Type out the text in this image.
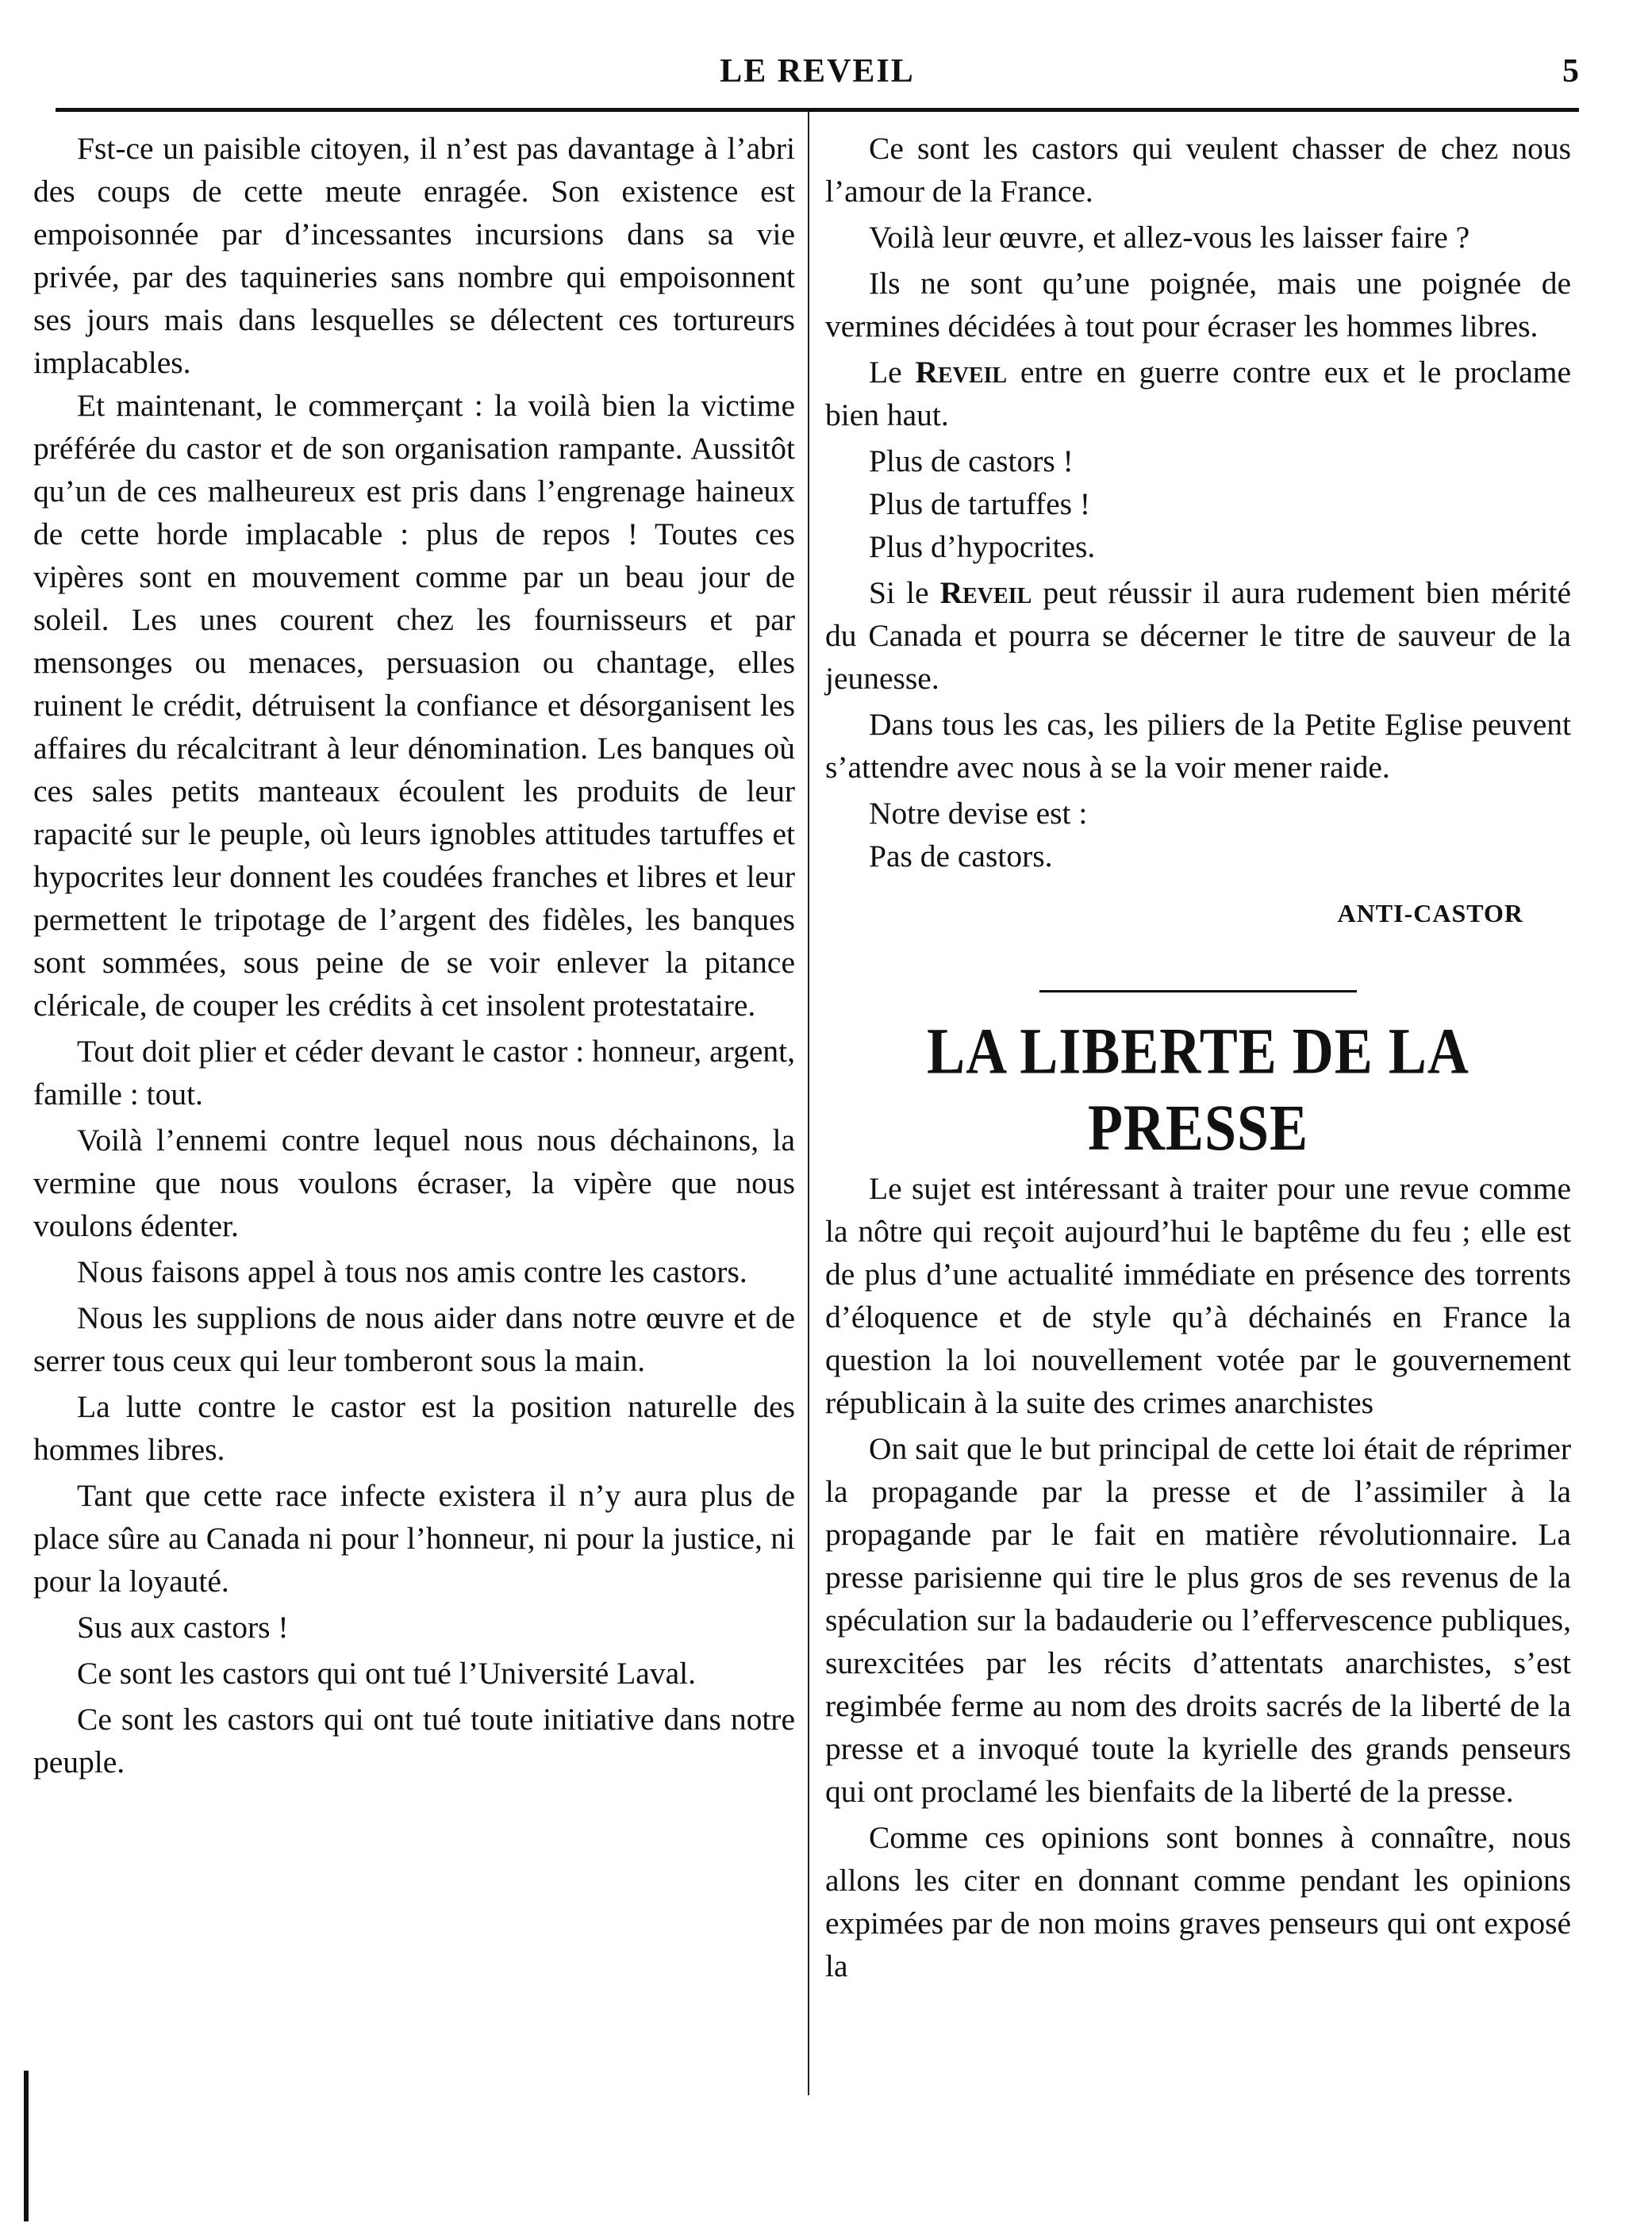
LE REVEIL	5

Fst-ce un paisible citoyen, il n’est pas davantage à l’abri des coups de cette meute enragée. Son existence est empoisonnée par d’incessantes incursions dans sa vie privée, par des taquineries sans nombre qui empoisonnent ses jours mais dans lesquelles se délectent ces tortureurs implacables.

Et maintenant, le commerçant : la voilà bien la victime préférée du castor et de son organisation rampante. Aussitôt qu’un de ces malheureux est pris dans l’engrenage haineux de cette horde implacable : plus de repos ! Toutes ces vipères sont en mouvement comme par un beau jour de soleil. Les unes courent chez les fournisseurs et par mensonges ou menaces, persuasion ou chantage, elles ruinent le crédit, détruisent la confiance et désorganisent les affaires du récalcitrant à leur dénomination. Les banques où ces sales petits manteaux écoulent les produits de leur rapacité sur le peuple, où leurs ignobles attitudes tartuffes et hypocrites leur donnent les coudées franches et libres et leur permettent le tripotage de l’argent des fidèles, les banques sont sommées, sous peine de se voir enlever la pitance cléricale, de couper les crédits à cet insolent protestataire.

Tout doit plier et céder devant le castor : honneur, argent, famille : tout.

Voilà l’ennemi contre lequel nous nous déchainons, la vermine que nous voulons écraser, la vipère que nous voulons édenter.

Nous faisons appel à tous nos amis contre les castors.

Nous les supplions de nous aider dans notre œuvre et de serrer tous ceux qui leur tomberont sous la main.

La lutte contre le castor est la position naturelle des hommes libres.

Tant que cette race infecte existera il n’y aura plus de place sûre au Canada ni pour l’honneur, ni pour la justice, ni pour la loyauté.

Sus aux castors !

Ce sont les castors qui ont tué l’Université Laval.

Ce sont les castors qui ont tué toute initiative dans notre peuple.

Ce sont les castors qui veulent chasser de chez nous l’amour de la France.

Voilà leur œuvre, et allez-vous les laisser faire ?

Ils ne sont qu’une poignée, mais une poignée de vermines décidées à tout pour écraser les hommes libres.

Le Reveil entre en guerre contre eux et le proclame bien haut.

Plus de castors !

Plus de tartuffes !

Plus d’hypocrites.

Si le Reveil peut réussir il aura rudement bien mérité du Canada et pourra se décerner le titre de sauveur de la jeunesse.

Dans tous les cas, les piliers de la Petite Eglise peuvent s’attendre avec nous à se la voir mener raide.

Notre devise est :

Pas de castors.

ANTI-CASTOR
LA LIBERTE DE LA PRESSE

Le sujet est intéressant à traiter pour une revue comme la nôtre qui reçoit aujourd’hui le baptême du feu ; elle est de plus d’une actualité immédiate en présence des torrents d’éloquence et de style qu’à déchainés en France la question la loi nouvellement votée par le gouvernement républicain à la suite des crimes anarchistes

On sait que le but principal de cette loi était de réprimer la propagande par la presse et de l’assimiler à la propagande par le fait en matière révolutionnaire. La presse parisienne qui tire le plus gros de ses revenus de la spéculation sur la badauderie ou l’effervescence publiques, surexcitées par les récits d’attentats anarchistes, s’est regimbée ferme au nom des droits sacrés de la liberté de la presse et a invoqué toute la kyrielle des grands penseurs qui ont proclamé les bienfaits de la liberté de la presse.

Comme ces opinions sont bonnes à connaître, nous allons les citer en donnant comme pendant les opinions expimées par de non moins graves penseurs qui ont exposé la
